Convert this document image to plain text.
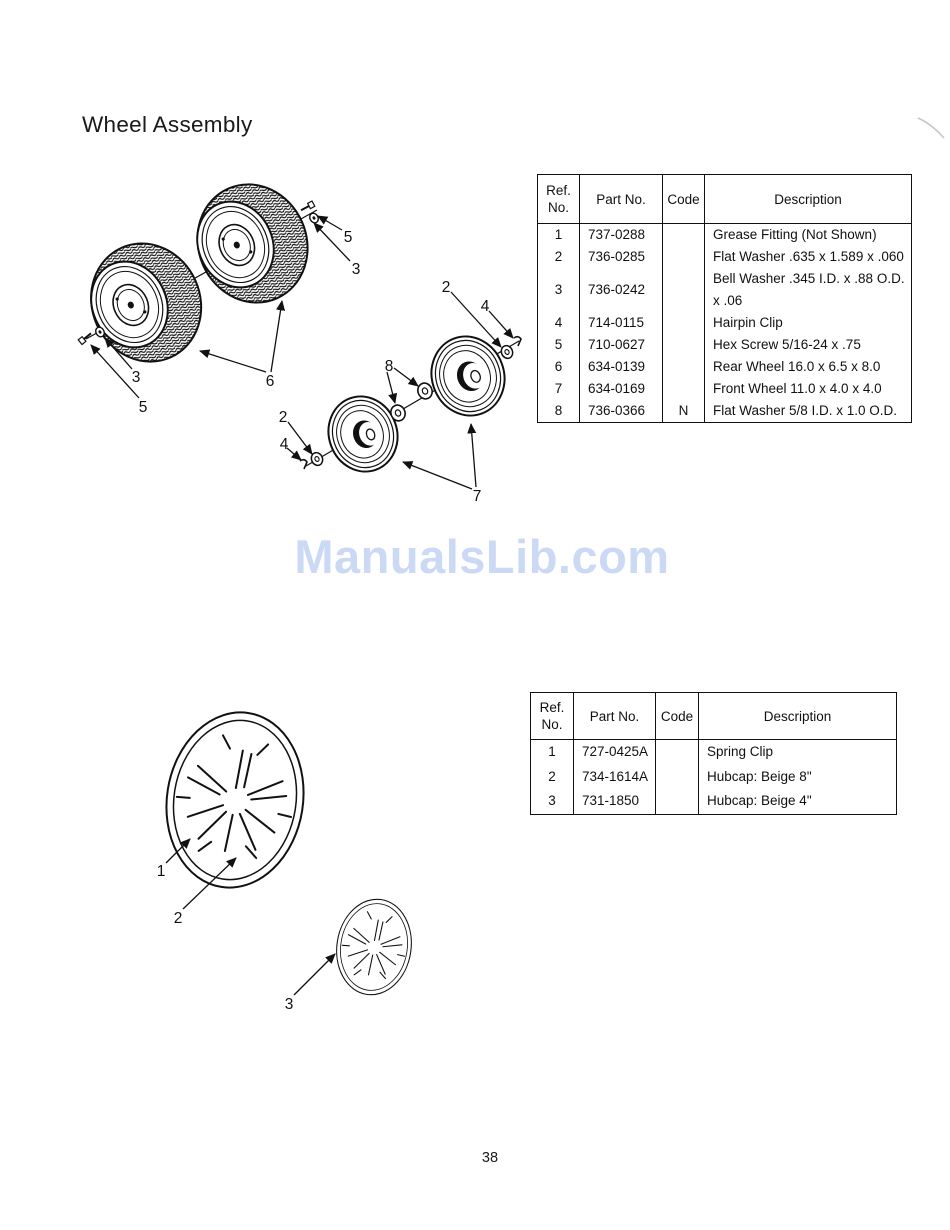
Wheel Assembly
5
3
3
5
6
2
4
8
2
4
7
Ref. No.	Part No.	Code	Description
1	737-0288		Grease Fitting (Not Shown)
2	736-0285		Flat Washer .635 x 1.589 x .060
3	736-0242		Bell Washer .345 I.D. x .88 O.D. x .06
4	714-0115		Hairpin Clip
5	710-0627		Hex Screw 5/16-24 x .75
6	634-0139		Rear Wheel 16.0 x 6.5 x 8.0
7	634-0169		Front Wheel 11.0 x 4.0 x 4.0
8	736-0366	N	Flat Washer 5/8 I.D. x 1.0 O.D.
ManualsLib.com
1
2
3
Ref. No.	Part No.	Code	Description
1	727-0425A		Spring Clip
2	734-1614A		Hubcap: Beige 8"
3	731-1850		Hubcap: Beige 4"
38
